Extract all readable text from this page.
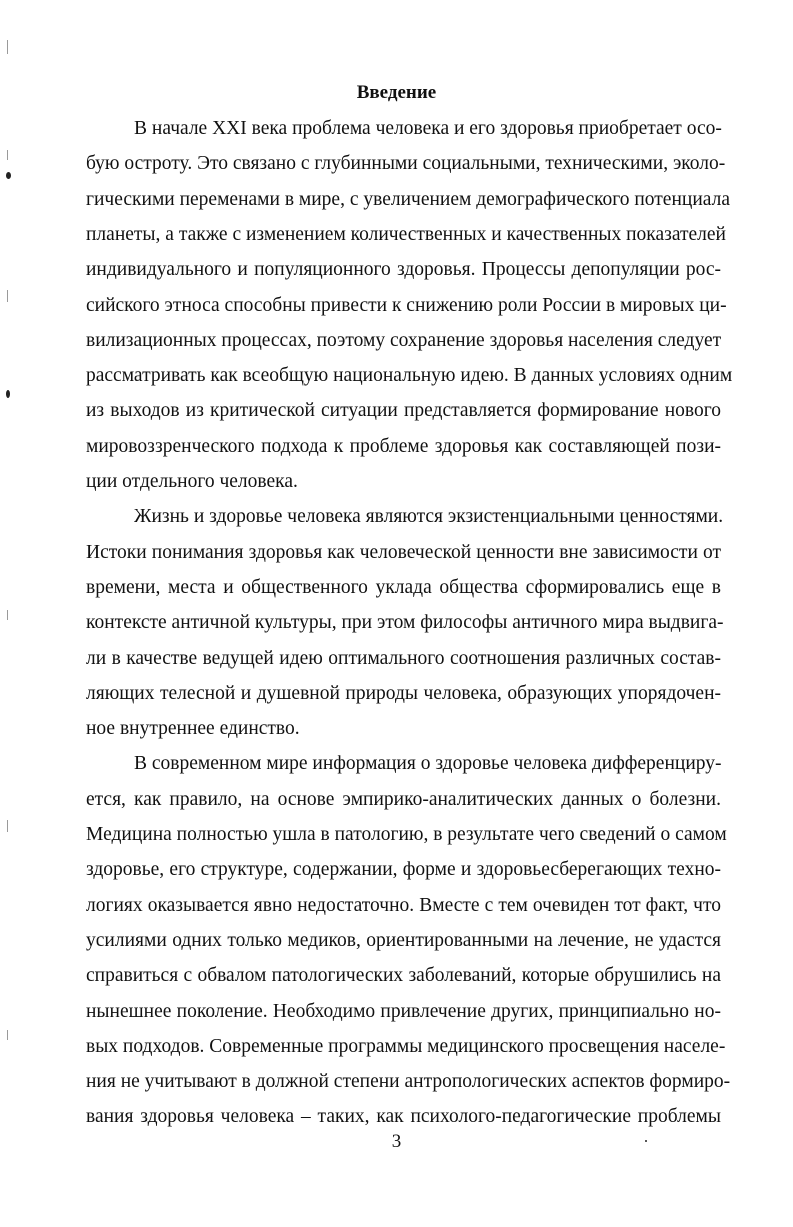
Введение
В начале XXI века проблема человека и его здоровья приобретает осо-
бую остроту. Это связано с глубинными социальными, техническими, эколо-
гическими переменами в мире, с увеличением демографического потенциала
планеты, а также с изменением количественных и качественных показателей
индивидуального и популяционного здоровья. Процессы депопуляции рос-
сийского этноса способны привести к снижению роли России в мировых ци-
вилизационных процессах, поэтому сохранение здоровья населения следует
рассматривать как всеобщую национальную идею. В данных условиях одним
из выходов из критической ситуации представляется формирование нового
мировоззренческого подхода к проблеме здоровья как составляющей пози-
ции отдельного человека.
Жизнь и здоровье человека являются экзистенциальными ценностями.
Истоки понимания здоровья как человеческой ценности вне зависимости от
времени, места и общественного уклада общества сформировались еще в
контексте античной культуры, при этом философы античного мира выдвига-
ли в качестве ведущей идею оптимального соотношения различных состав-
ляющих телесной и душевной природы человека, образующих упорядочен-
ное внутреннее единство.
В современном мире информация о здоровье человека дифференциру-
ется, как правило, на основе эмпирико-аналитических данных о болезни.
Медицина полностью ушла в патологию, в результате чего сведений о самом
здоровье, его структуре, содержании, форме и здоровьесберегающих техно-
логиях оказывается явно недостаточно. Вместе с тем очевиден тот факт, что
усилиями одних только медиков, ориентированными на лечение, не удастся
справиться с обвалом патологических заболеваний, которые обрушились на
нынешнее поколение. Необходимо привлечение других, принципиально но-
вых подходов. Современные программы медицинского просвещения населе-
ния не учитывают в должной степени антропологических аспектов формиро-
вания здоровья человека – таких, как психолого-педагогические проблемы
3
